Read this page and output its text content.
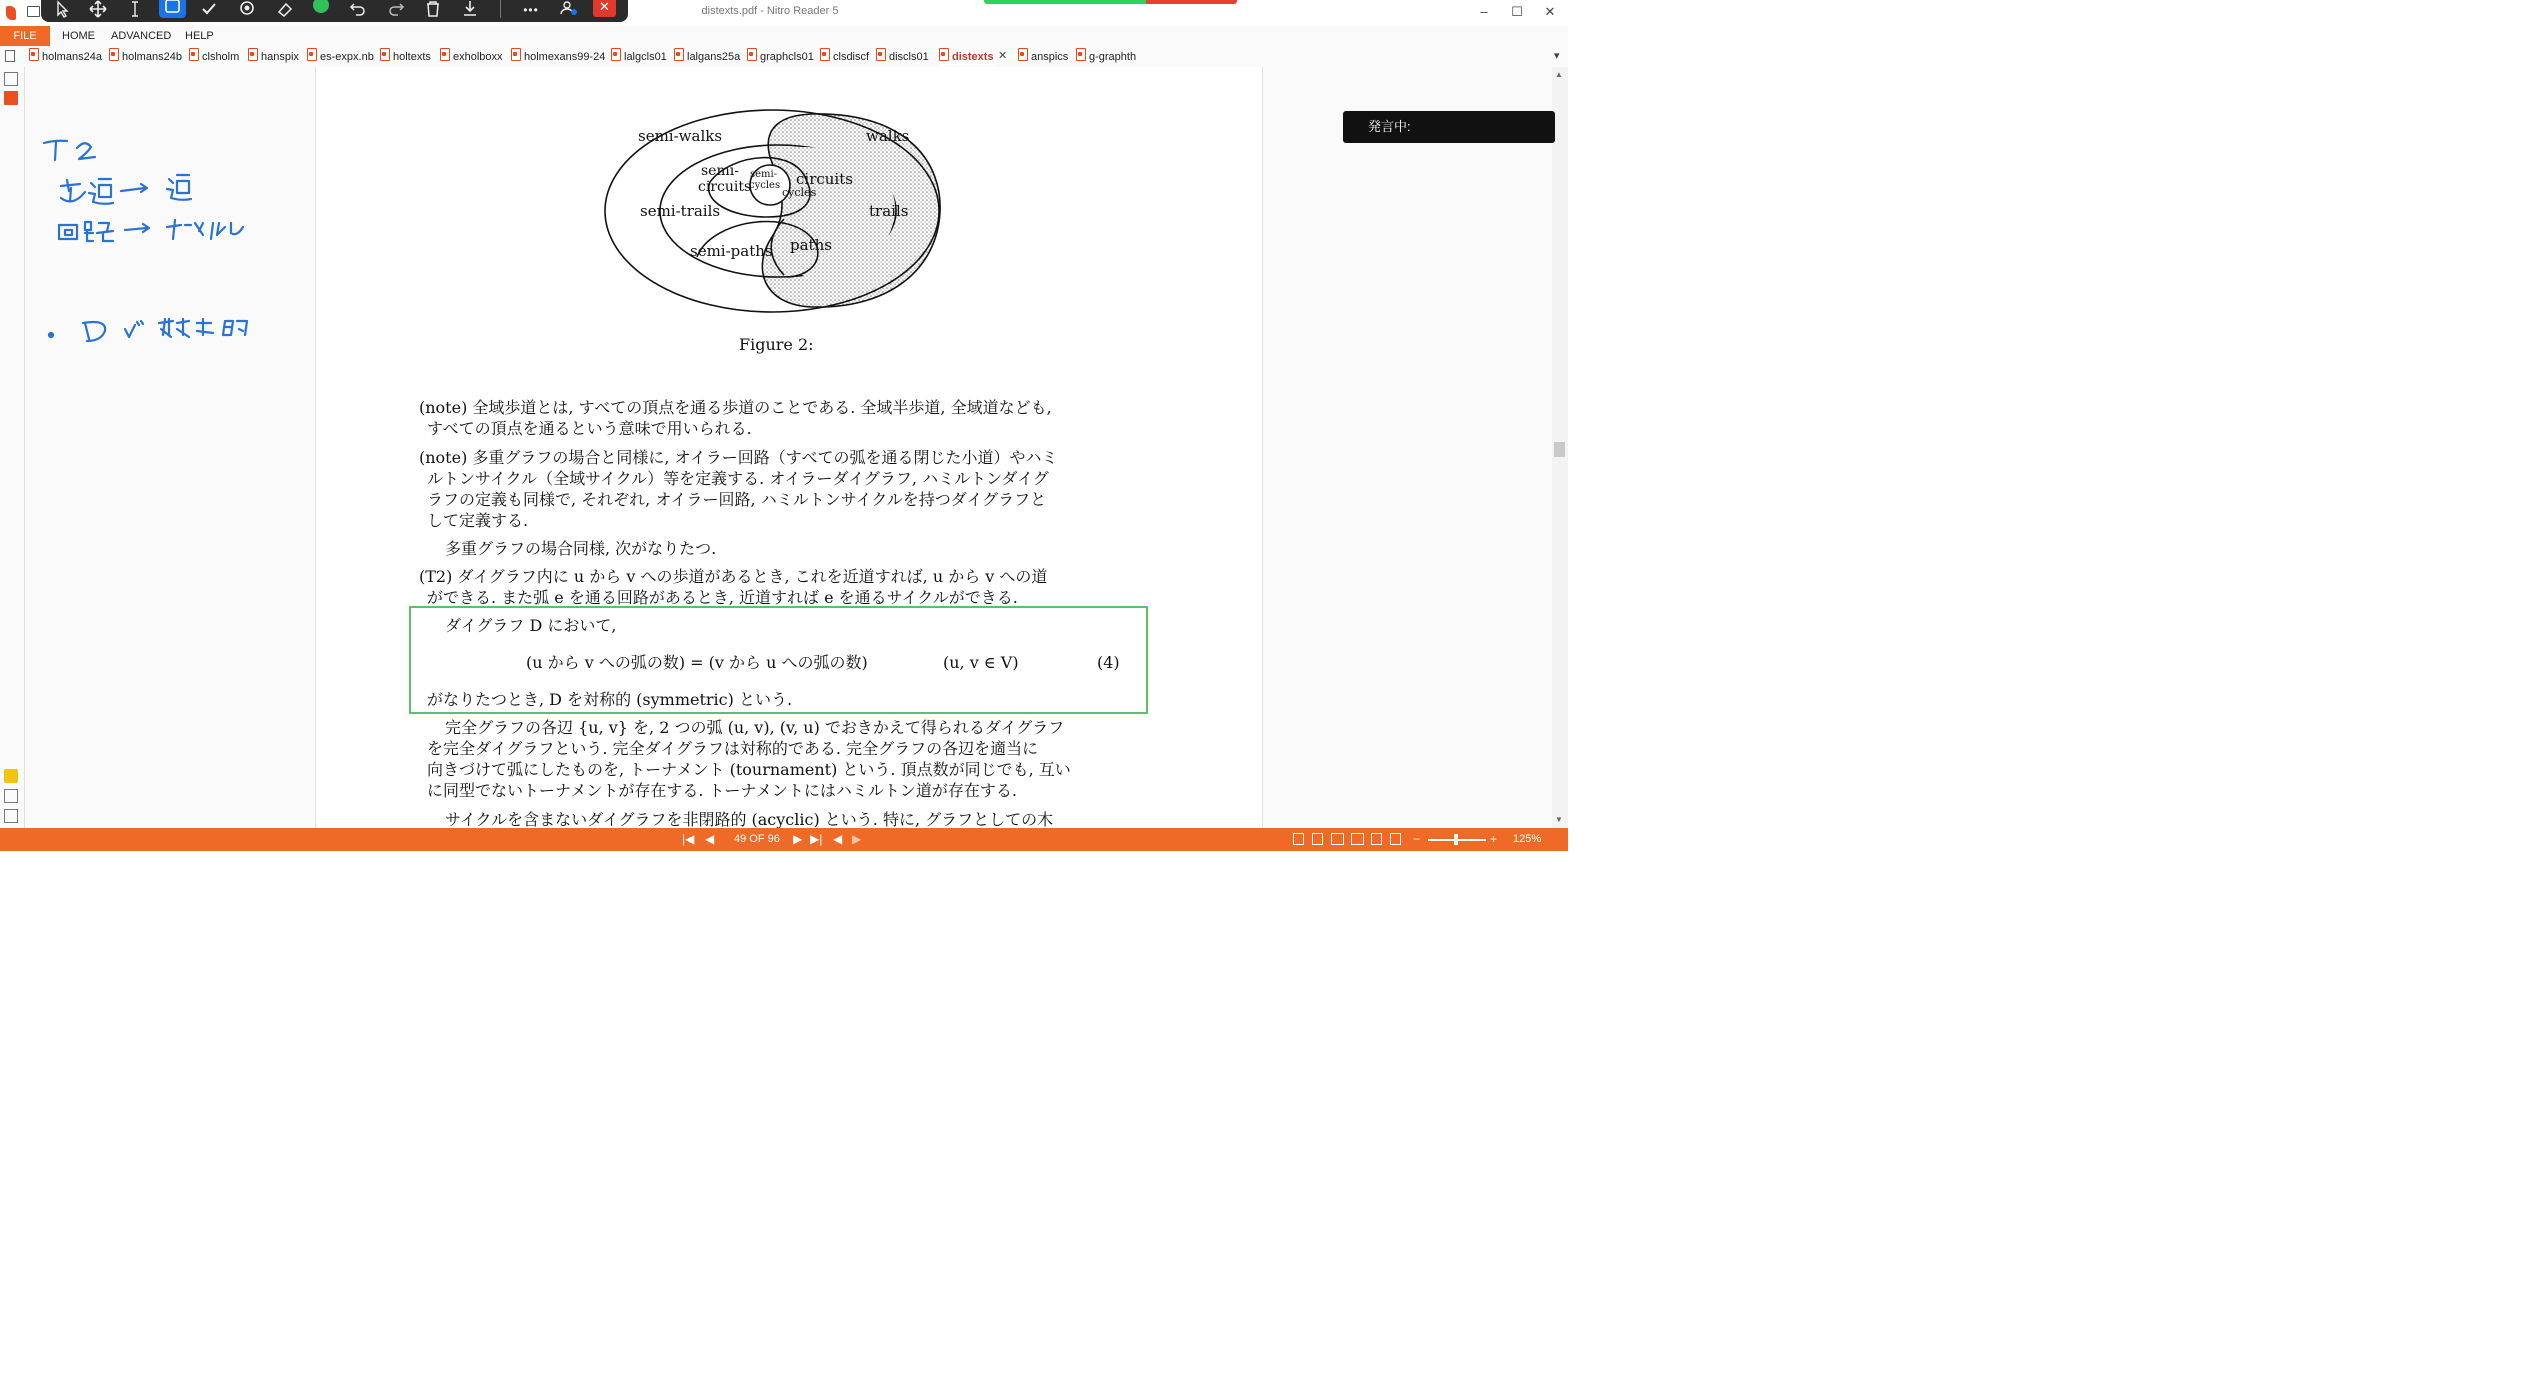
distexts.pdf - Nitro Reader 5	–	☐	✕
•••	✕
FILE	HOME ADVANCED HELP
holmans24a	holmans24b	clsholm	hanspix	es-expx.nb	holtexts	exholboxx	holmexans99-24	lalgcls01	lalgans25a	graphcls01	clsdiscf	discls01	distexts ✕	anspics	g-graphth	▾
▲
▼
発言中:
semi-walks	walks
semi-
circuits
semi-
cycles circuits
cycles
semi-trails	trails
semi-paths paths
Figure 2:
(note) 全域歩道とは, すべての頂点を通る歩道のことである. 全域半歩道, 全域道なども,
すべての頂点を通るという意味で用いられる.
(note) 多重グラフの場合と同様に, オイラー回路（すべての弧を通る閉じた小道）やハミ
ルトンサイクル（全域サイクル）等を定義する. オイラーダイグラフ, ハミルトンダイグ
ラフの定義も同様で, それぞれ, オイラー回路, ハミルトンサイクルを持つダイグラフと
して定義する.
多重グラフの場合同様, 次がなりたつ.
(T2) ダイグラフ内に u から v への歩道があるとき, これを近道すれば, u から v への道
ができる. また弧 e を通る回路があるとき, 近道すれば e を通るサイクルができる.
ダイグラフ D において,
(u から v への弧の数) = (v から u への弧の数)	(u, v ∈ V)	(4)
がなりたつとき, D を対称的 (symmetric) という.
完全グラフの各辺 {u, v} を, 2 つの弧 (u, v), (v, u) でおきかえて得られるダイグラフ
を完全ダイグラフという. 完全ダイグラフは対称的である. 完全グラフの各辺を適当に
向きづけて弧にしたものを, トーナメント (tournament) という. 頂点数が同じでも, 互い
に同型でないトーナメントが存在する. トーナメントにはハミルトン道が存在する.
サイクルを含まないダイグラフを非閉路的 (acyclic) という. 特に, グラフとしての木
|◀ ◀ 49 OF 96 ▶ ▶| ◀ ▶	−	+ 125%
